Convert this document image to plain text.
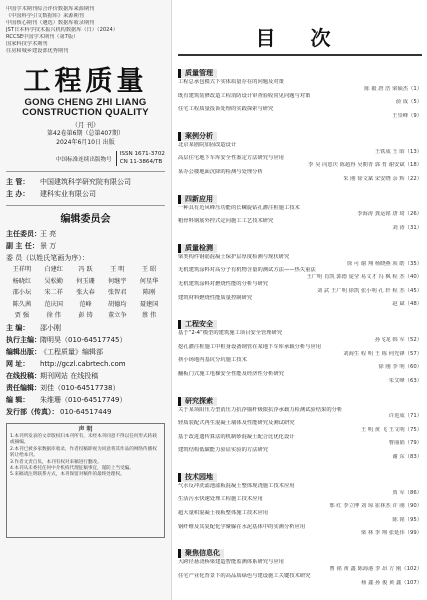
中国学术期刊综合评价数据库来源期刊
《中国科学引文数据库》来源期刊
中国核心期刊（遴选）数据库收录期刊
JST日本科学技术振兴机构数据库（日）（2024）
RCCSE中国学术期刊（第7版）
国家科技学术期刊
住房和城乡建设部优秀期刊
工程质量
GONG CHENG ZHI LIANG
CONSTRUCTION QUALITY
（月 刊）
第42卷第6期（总第407期）
2024年6月10日 出版
中国标准连续出版物号
ISSN 1671-3702
CN 11-3864/TB
主 管： 中国建筑科学研究院有限公司
主 办： 建科实业有限公司
编辑委员会
主任委员：王 亮
副 主 任：景 万
委 员（以姓氏笔画为序）：
王祥明	白建红	冯 跃	王 明	王 昭
杨晓红	吴松勤	何玉珊	何继宇	何星华
邵小坛	宋二祥	张大春	张智君	陈刚
陈久茜	范庆国	范峰	胡德均	聂建国
贾 强	徐 伟	彭 铸	董立争	蔡 伟
主 编： 邵小刚
执行主编：隋明昊（010-64517745）
编辑出版：《工程质量》编辑部
网 址： http://gczl.cabrtech.com
在线投稿：期刊网站 在线投稿
责任编辑：刘佳（010-64517738）
编 辑： 朱维珊（010-64517749）
发行部（传真）： 010-64517449
声 明
1.本刊所发表的文章版权归本刊所有，未经本刊同意不得以任何形式转载或摘编。
2.本刊已被多家数据库收录，作者投稿即视为同意将其作品的网络传播权转让给本刊。
3.作者文责自负，本刊有权对来稿进行删改。
4.本刊从未委托任何中介机构代理征稿事宜，谨防上当受骗。
5.来稿请注明联系方式，本刊保留对稿件的最终处理权。
目 次
质量管理
工程总承包模式下实体质量存在的问题及对策
陈 毅 唐 浩 梁硕杰（1）
既有建筑装修改造工程消防设计审查验收常见问题与对策
俞 成（5）
住宅工程质量投诉处理的实践探索与研究
王崇峰（9）
案例分析
北京某剧院加固改造设计
王铁成 王 昭（13）
高层住宅地下车库安全性鉴定方法研究与应用
李 昊 向恩庆 陈超得 吴朝青 郭 育 谢安斌（18）
某办公楼地面沉降的检测与处理分析
朱 刚 徐文斌 宋安晓 余 辉（22）
四新应用
一种具有近风峰压功能的长螺旋钻孔灌注桩施工技术
李海涛 龚运铭 唐 琦（26）
粗骨料钢筋外控式定向施工工艺技术研究
刘 涛（31）
质量检测
梁类构件钢筋混凝土保护层厚度检测与现状研究
徐 可 谢 翔 杨晓燕 项 皓（35）
无机建筑涂料对高分子有机物含量的测试方法——热失重法
王广明 肖凯 郭德 庞莹 易文才 冯 枫 程 杰（40）
无机建筑涂料对燃烧性能的分析与研究
刘 武 王广明 徐凯 张小明 孔 轩 程 杰（45）
建筑材料燃烧性能质量控制研究
赵 斌（48）
工程安全
基于“2-4”模型的建筑施工项目安全管理研究
孙飞龙 韩 军（52）
挖孔灌注桩施工中桩身设备钢管在某地下车库承载分析与应用
刘海生 程 明 王 栋 何光锋（57）
挟小场地内基坑分坑施工技术
徐 刚 李 明（60）
翻板门式施工电梯安全性能及经济性分析研究
朱艾峰（63）
研究探索
关于某项阳压力型消压力抗浮锚杆极限抗浮承载力检测试验结果的分析
许进成（71）
轻质装配式再生混凝土墙体及性能研究及测试研究
王 明 黄 飞 王文明（75）
基于改进遗传算法的机制砂混凝土配合比优化设计
曹丽娟（79）
建筑结构低碳能力验证实验的方法研究
谢 东（83）
技术园地
气水反冲洗滤池滤板混凝土整体现浇施工技术应用
贾 军（86）
生活污水快速处理工程施工技术应用
邢 红 李立博 刘 琼 崔林杰 许 刚（90）
超大量积混凝土筏板整体施工技术应用
陈 铭（95）
钢纤维及其复配化学聚脲在水泥基体中的实测分析应用
梁 林 李 翔 张延伟（99）
聚焦信息化
大跨径悬浇桥梁建造智能监测体系研究与应用
曹 铭 黄 鑫 陈海港 李 昂 方 刚（102）
住宅产业化背景下的高品质绿色与建设施工关键技术研究
杨 鑫 孙 俊 黄 鑫（107）
